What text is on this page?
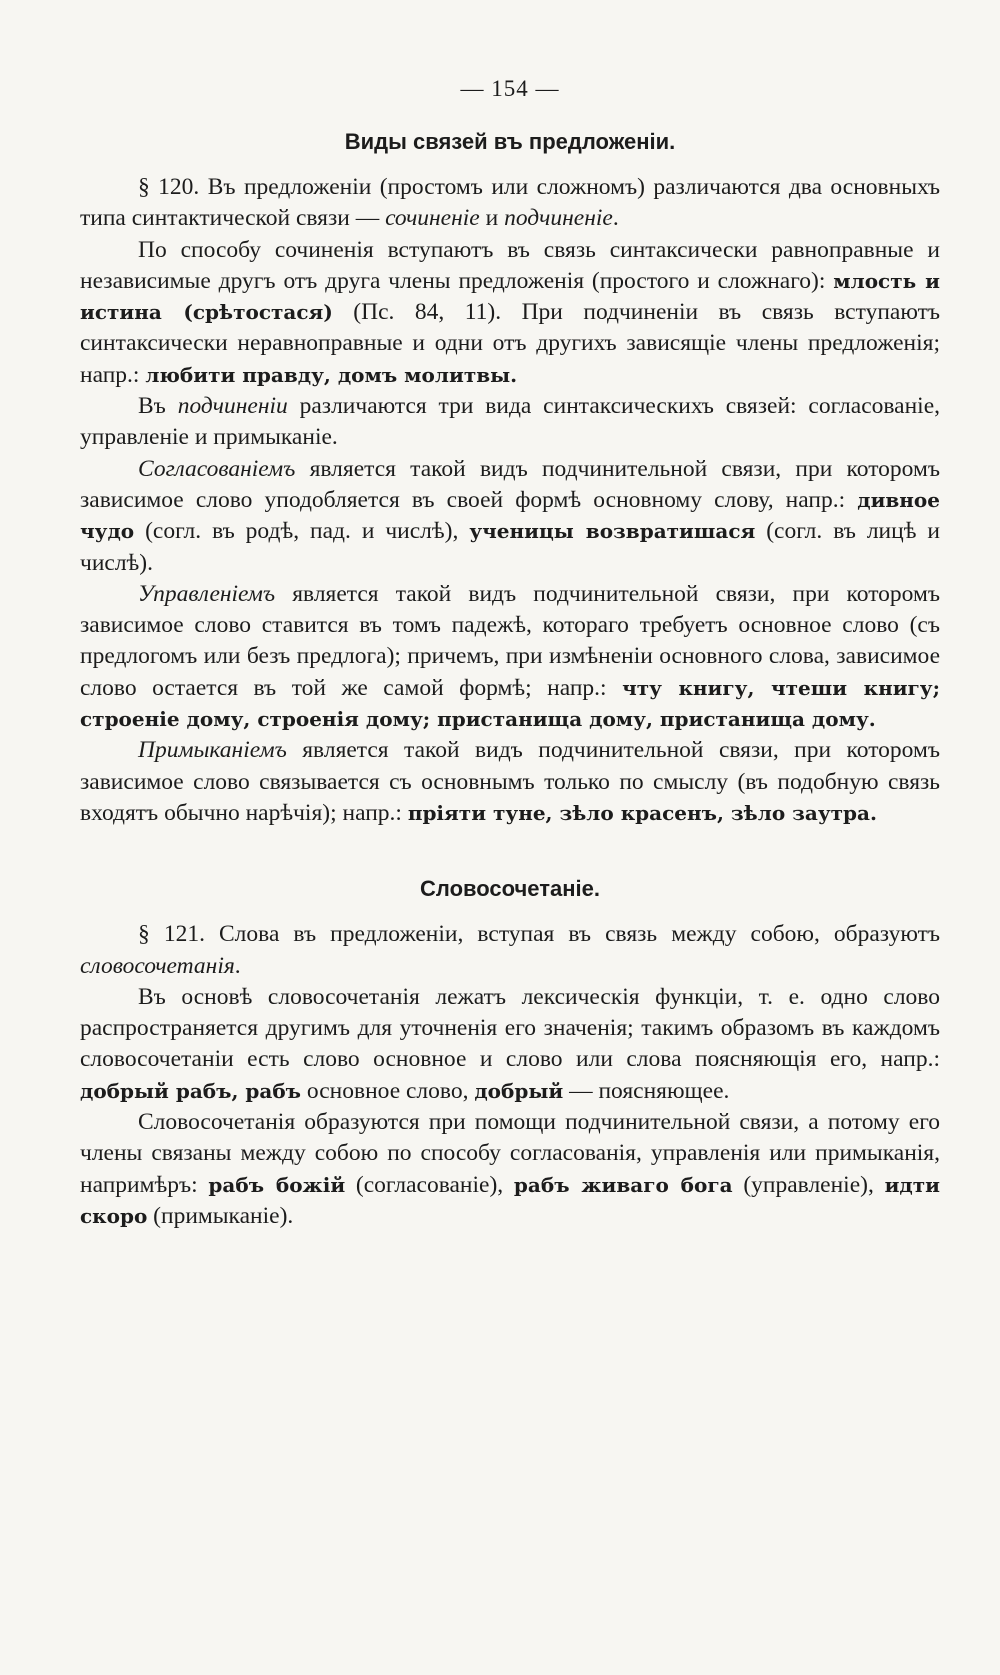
— 154 —
Виды связей въ предложеніи.

§ 120. Въ предложеніи (простомъ или сложномъ) различаются два основныхъ типа синтактической связи — сочиненіе и подчиненіе.

По способу сочиненія вступаютъ въ связь синтаксически равноправные и независимые другъ отъ друга члены предложенія (простого и сложнаго): млость и истина (срѣтостася) (Пс. 84, 11). При подчиненіи въ связь вступаютъ синтаксически неравноправные и одни отъ другихъ зависящіе члены предложенія; напр.: любити правду, домъ молитвы.

Въ подчиненіи различаются три вида синтаксическихъ связей: согласованіе, управленіе и примыканіе.

Согласованіемъ является такой видъ подчинительной связи, при которомъ зависимое слово уподобляется въ своей формѣ основному слову, напр.: дивное чудо (согл. въ родѣ, пад. и числѣ), ученицы возвратишася (согл. въ лицѣ и числѣ).

Управленіемъ является такой видъ подчинительной связи, при которомъ зависимое слово ставится въ томъ падежѣ, котораго требуетъ основное слово (съ предлогомъ или безъ предлога); причемъ, при измѣненіи основного слова, зависимое слово остается въ той же самой формѣ; напр.: чту книгу, чтеши книгу; строеніе дому, строенія дому; пристанища дому, пристанища дому.

Примыканіемъ является такой видъ подчинительной связи, при которомъ зависимое слово связывается съ основнымъ только по смыслу (въ подобную связь входятъ обычно нарѣчія); напр.: пріяти туне, зѣло красенъ, зѣло заутра.

Словосочетаніе.

§ 121. Слова въ предложеніи, вступая въ связь между собою, образуютъ словосочетанія.

Въ основѣ словосочетанія лежатъ лексическія функціи, т. е. одно слово распространяется другимъ для уточненія его значенія; такимъ образомъ въ каждомъ словосочетаніи есть слово основное и слово или слова поясняющія его, напр.: добрый рабъ, рабъ основное слово, добрый — поясняющее.

Словосочетанія образуются при помощи подчинительной связи, а потому его члены связаны между собою по способу согласованія, управленія или примыканія, напримѣръ: рабъ божій (согласованіе), рабъ живаго бога (управленіе), идти скоро (примыканіе).
